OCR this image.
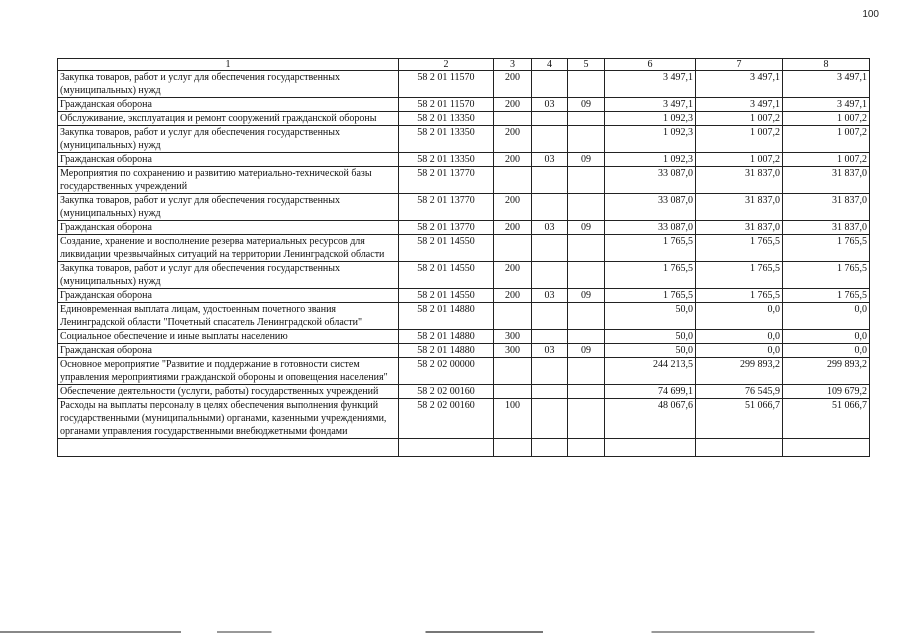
100
1	2	3	4	5	6	7	8
Закупка товаров, работ и услуг для обеспечения государственных (муниципальных) нужд	58 2 01 11570	200			3 497,1	3 497,1	3 497,1
Гражданская оборона	58 2 01 11570	200	03	09	3 497,1	3 497,1	3 497,1
Обслуживание, эксплуатация и ремонт сооружений гражданской обороны	58 2 01 13350				1 092,3	1 007,2	1 007,2
Закупка товаров, работ и услуг для обеспечения государственных (муниципальных) нужд	58 2 01 13350	200			1 092,3	1 007,2	1 007,2
Гражданская оборона	58 2 01 13350	200	03	09	1 092,3	1 007,2	1 007,2
Мероприятия по сохранению и развитию материально-технической базы государственных учреждений	58 2 01 13770				33 087,0	31 837,0	31 837,0
Закупка товаров, работ и услуг для обеспечения государственных (муниципальных) нужд	58 2 01 13770	200			33 087,0	31 837,0	31 837,0
Гражданская оборона	58 2 01 13770	200	03	09	33 087,0	31 837,0	31 837,0
Создание, хранение и восполнение резерва материальных ресурсов для ликвидации чрезвычайных ситуаций на территории Ленинградской области	58 2 01 14550				1 765,5	1 765,5	1 765,5
Закупка товаров, работ и услуг для обеспечения государственных (муниципальных) нужд	58 2 01 14550	200			1 765,5	1 765,5	1 765,5
Гражданская оборона	58 2 01 14550	200	03	09	1 765,5	1 765,5	1 765,5
Единовременная выплата лицам, удостоенным почетного звания Ленинградской области "Почетный спасатель Ленинградской области"	58 2 01 14880				50,0	0,0	0,0
Социальное обеспечение и иные выплаты населению	58 2 01 14880	300			50,0	0,0	0,0
Гражданская оборона	58 2 01 14880	300	03	09	50,0	0,0	0,0
Основное мероприятие "Развитие и поддержание в готовности систем управления мероприятиями гражданской обороны и оповещения населения"	58 2 02 00000				244 213,5	299 893,2	299 893,2
Обеспечение деятельности (услуги, работы) государственных учреждений	58 2 02 00160				74 699,1	76 545,9	109 679,2
Расходы на выплаты персоналу в целях обеспечения выполнения функций государственными (муниципальными) органами, казенными учреждениями, органами управления государственными внебюджетными фондами	58 2 02 00160	100			48 067,6	51 066,7	51 066,7
